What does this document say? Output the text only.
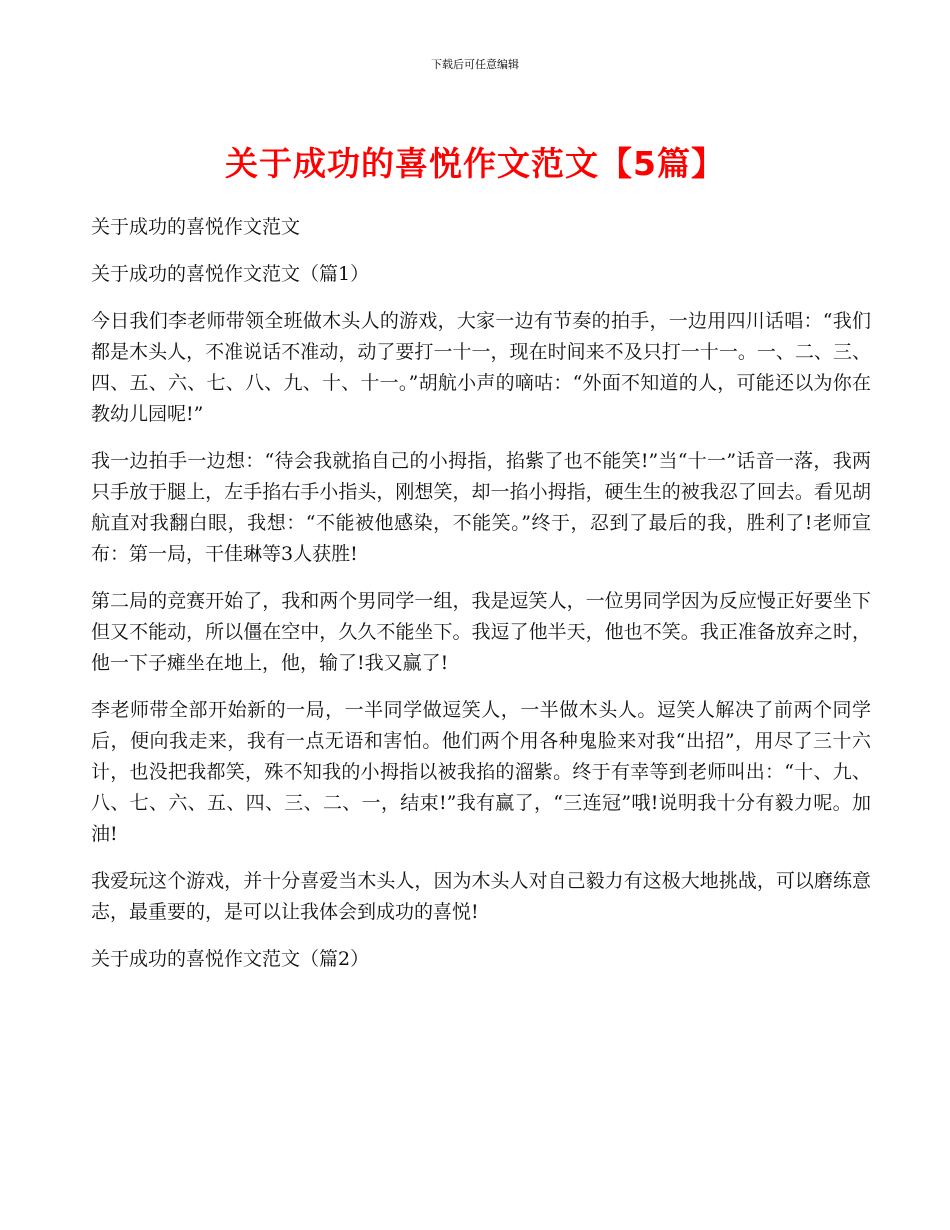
下载后可任意编辑
关于成功的喜悦作文范文【5篇】

关于成功的喜悦作文范文

关于成功的喜悦作文范文（篇1）

今日我们李老师带领全班做木头人的游戏，大家一边有节奏的拍手，一边用四川话唱：“我们都是木头人，不准说话不准动，动了要打一十一，现在时间来不及只打一十一。一、二、三、四、五、六、七、八、九、十、十一。”胡航小声的嘀咕：“外面不知道的人，可能还以为你在教幼儿园呢!”

我一边拍手一边想：“待会我就掐自己的小拇指，掐紫了也不能笑!”当“十一”话音一落，我两只手放于腿上，左手掐右手小指头，刚想笑，却一掐小拇指，硬生生的被我忍了回去。看见胡航直对我翻白眼，我想：“不能被他感染，不能笑。”终于，忍到了最后的我，胜利了!老师宣布：第一局，干佳琳等3人获胜!

第二局的竞赛开始了，我和两个男同学一组，我是逗笑人，一位男同学因为反应慢正好要坐下但又不能动，所以僵在空中，久久不能坐下。我逗了他半天，他也不笑。我正准备放弃之时，他一下子瘫坐在地上，他，输了!我又赢了!

李老师带全部开始新的一局，一半同学做逗笑人，一半做木头人。逗笑人解决了前两个同学后，便向我走来，我有一点无语和害怕。他们两个用各种鬼脸来对我“出招”，用尽了三十六计，也没把我都笑，殊不知我的小拇指以被我掐的溜紫。终于有幸等到老师叫出：“十、九、八、七、六、五、四、三、二、一，结束!”我有赢了，“三连冠”哦!说明我十分有毅力呢。加油!

我爱玩这个游戏，并十分喜爱当木头人，因为木头人对自己毅力有这极大地挑战，可以磨练意志，最重要的，是可以让我体会到成功的喜悦!

关于成功的喜悦作文范文（篇2）
